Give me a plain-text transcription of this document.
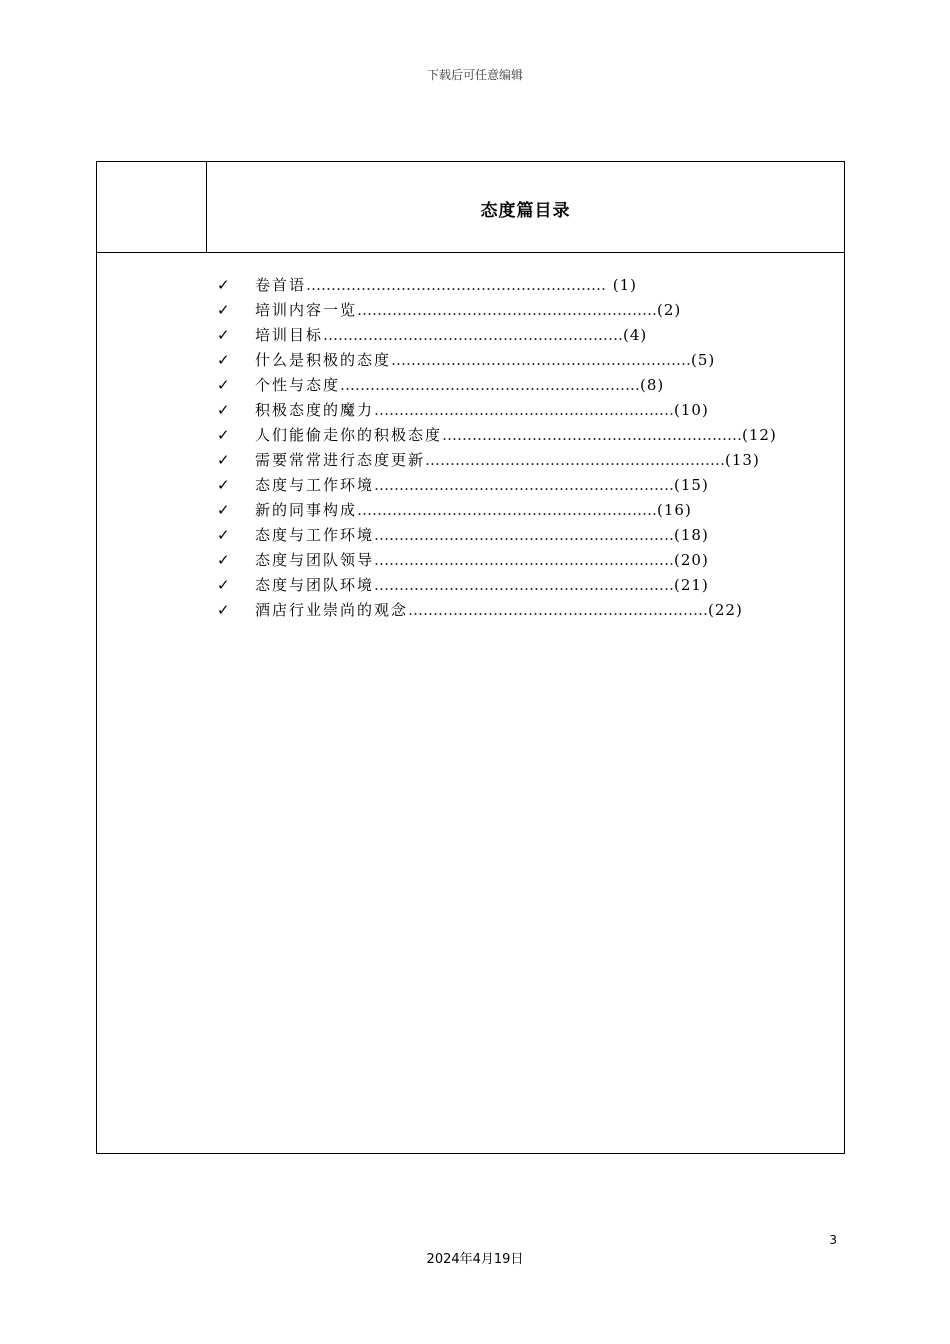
下载后可任意编辑
态度篇目录
✓	卷首语 …………………………………………………… (1)
✓	培训内容一览 …………………………………………………… (2)
✓	培训目标 …………………………………………………… (4)
✓	什么是积极的态度 …………………………………………………… (5)
✓	个性与态度 …………………………………………………… (8)
✓	积极态度的魔力 …………………………………………………… (10)
✓	人们能偷走你的积极态度 …………………………………………………… (12)
✓	需要常常进行态度更新 …………………………………………………… (13)
✓	态度与工作环境 …………………………………………………… (15)
✓	新的同事构成 …………………………………………………… (16)
✓	态度与工作环境 …………………………………………………… (18)
✓	态度与团队领导 …………………………………………………… (20)
✓	态度与团队环境 …………………………………………………… (21)
✓	酒店行业崇尚的观念 …………………………………………………… (22)
3
2024年4月19日
